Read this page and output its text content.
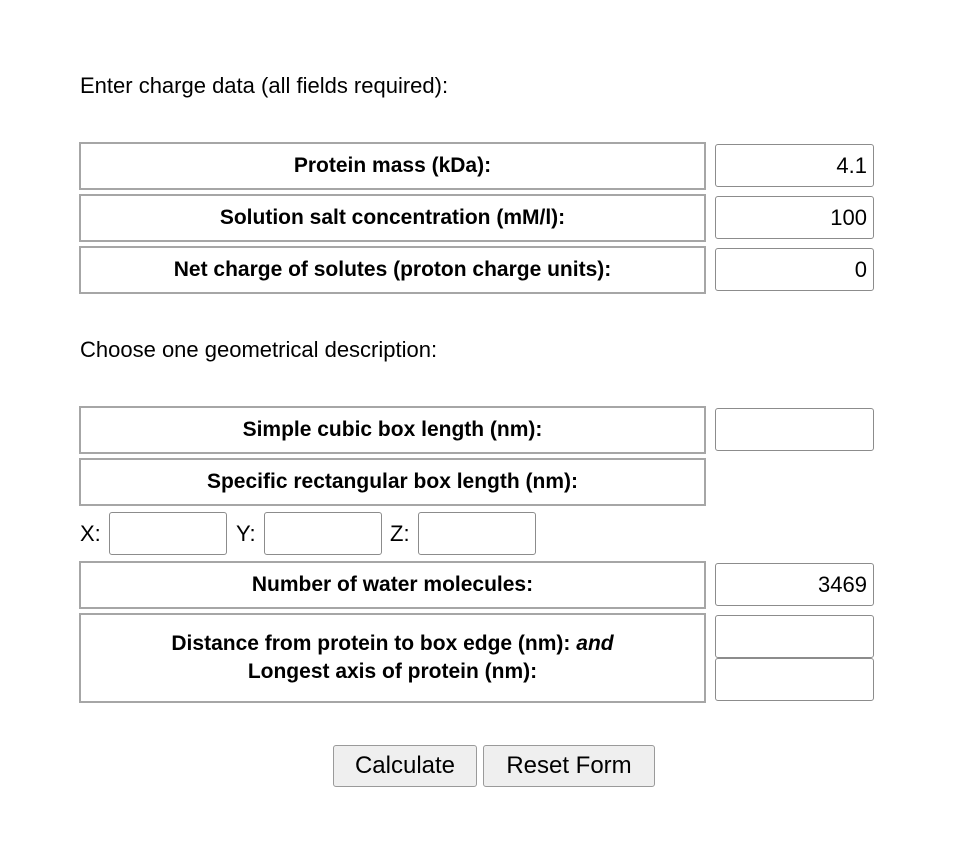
Enter charge data (all fields required):
Protein mass (kDa):
4.1
Solution salt concentration (mM/l):
100
Net charge of solutes (proton charge units):
0
Choose one geometrical description:
Simple cubic box length (nm):
Specific rectangular box length (nm):
X:	Y:	Z:
Number of water molecules:
3469
Distance from protein to box edge (nm): and
Longest axis of protein (nm):
Calculate	Reset Form
